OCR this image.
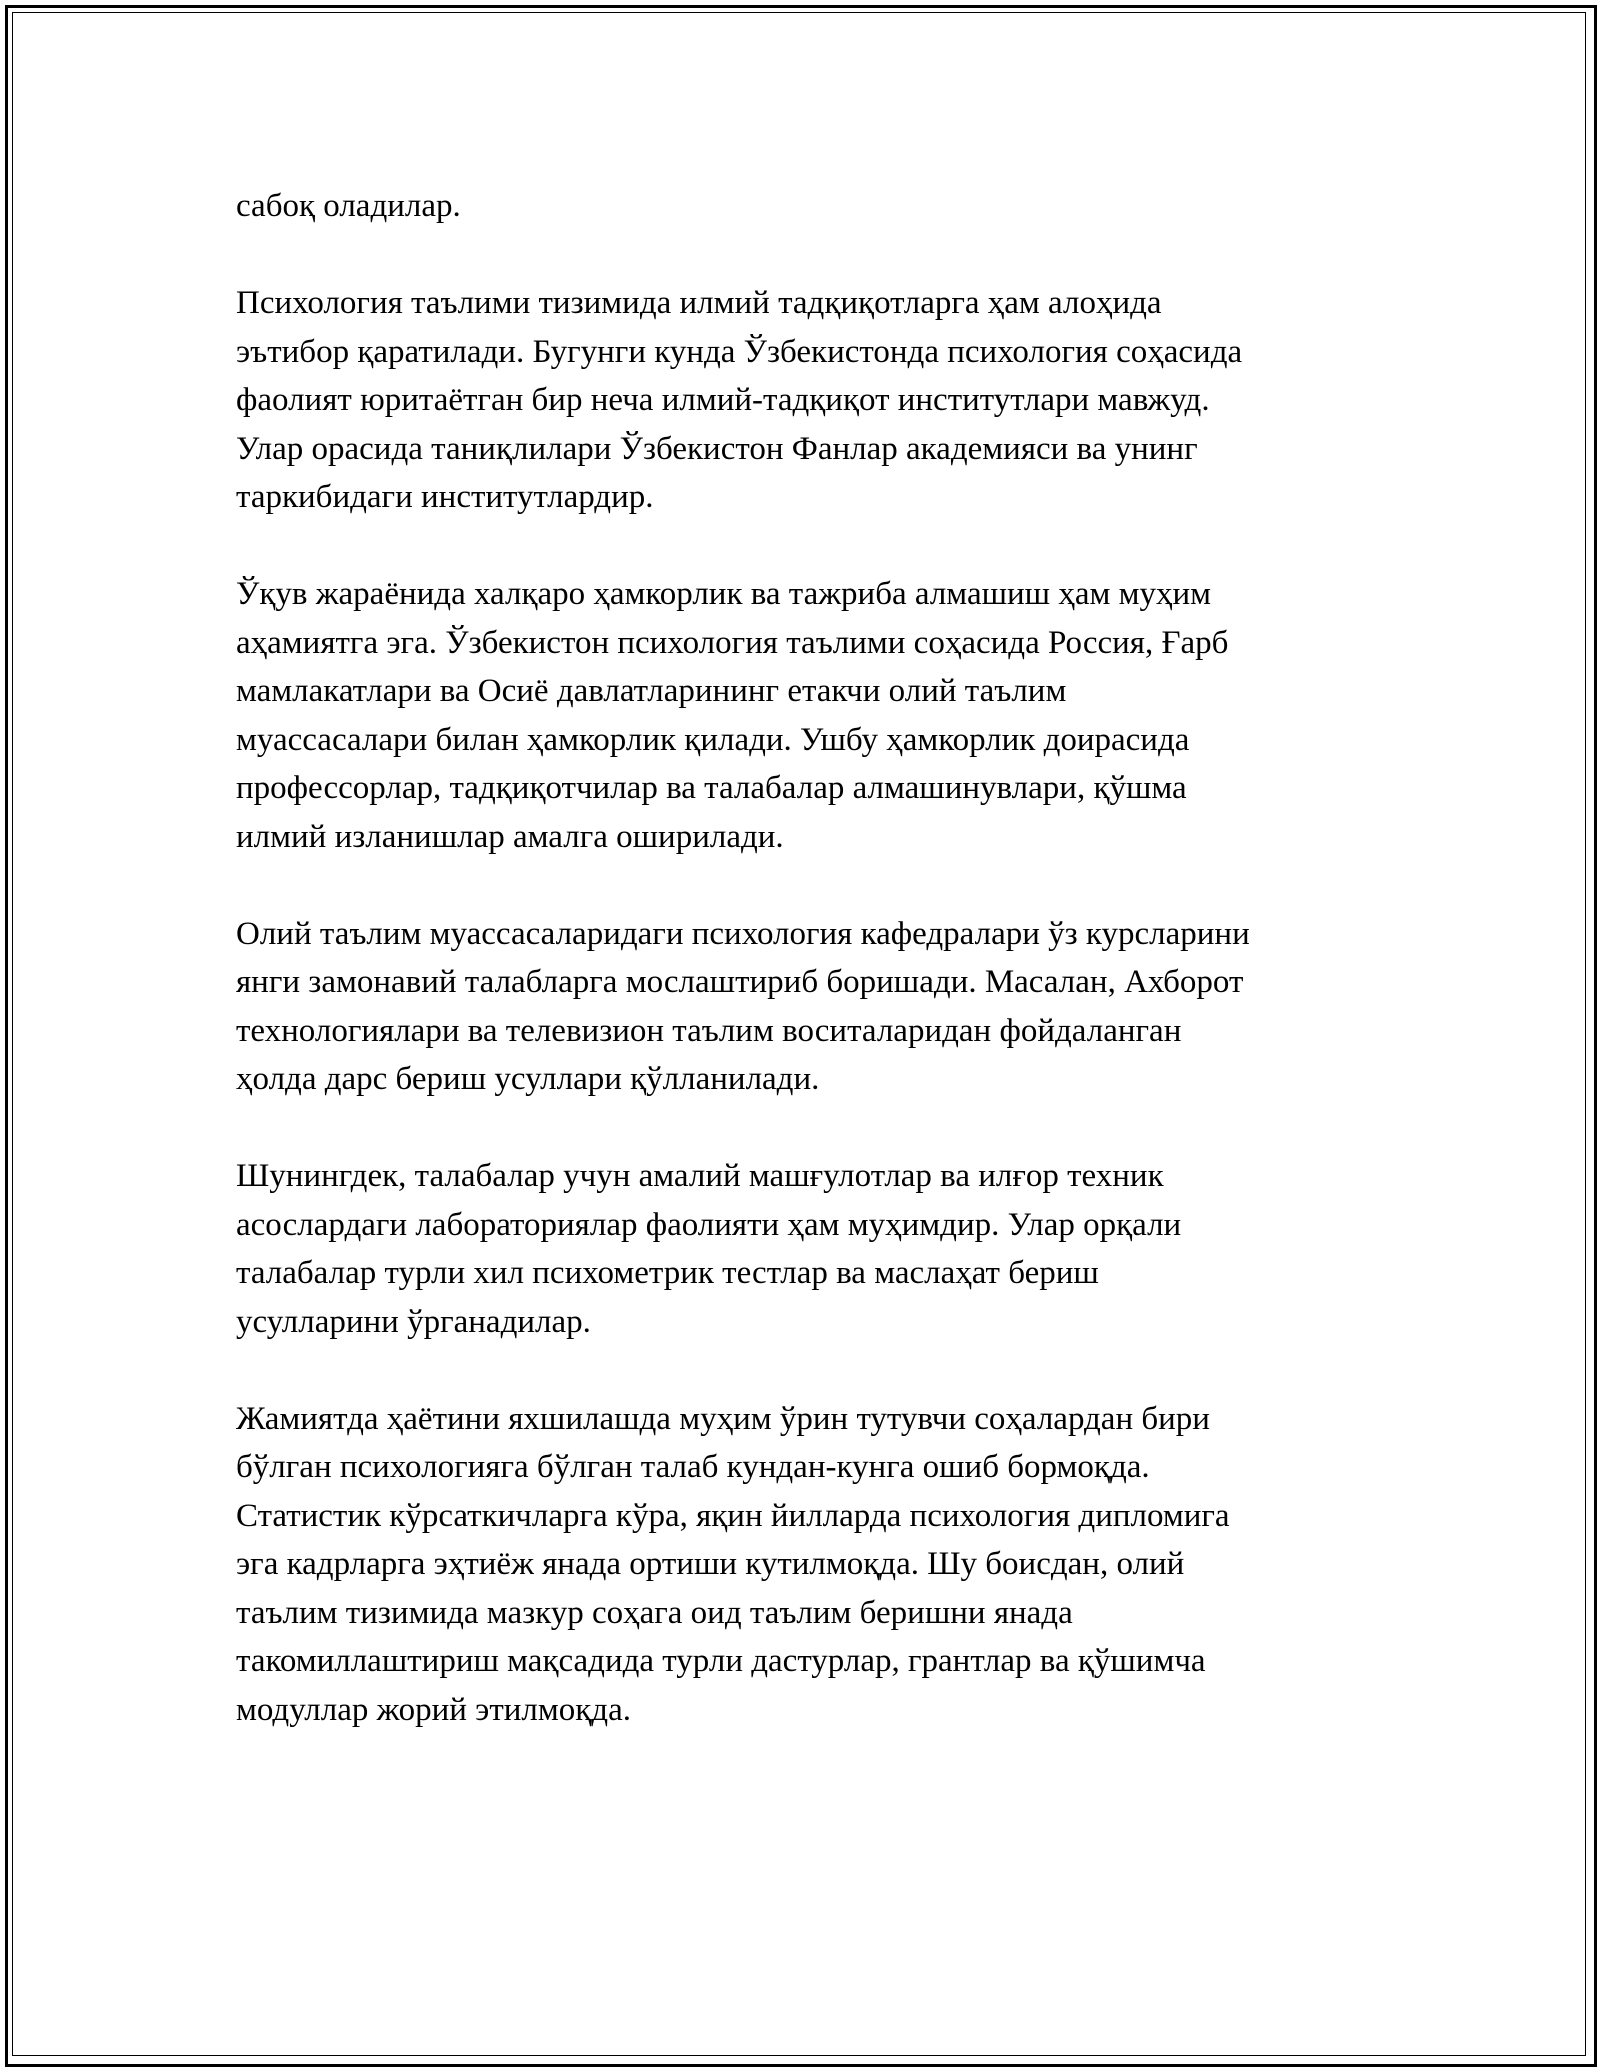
сабоқ оладилар.

Психология таълими тизимида илмий тадқиқотларга ҳам алоҳида
эътибор қаратилади. Бугунги кунда Ўзбекистонда психология соҳасида
фаолият юритаётган бир неча илмий-тадқиқот институтлари мавжуд.
Улар орасида таниқлилари Ўзбекистон Фанлар академияси ва унинг
таркибидаги институтлардир.

Ўқув жараёнида халқаро ҳамкорлик ва тажриба алмашиш ҳам муҳим
аҳамиятга эга. Ўзбекистон психология таълими соҳасида Россия, Ғарб
мамлакатлари ва Осиё давлатларининг етакчи олий таълим
муассасалари билан ҳамкорлик қилади. Ушбу ҳамкорлик доирасида
профессорлар, тадқиқотчилар ва талабалар алмашинувлари, қўшма
илмий изланишлар амалга оширилади.

Олий таълим муассасаларидаги психология кафедралари ўз курсларини
янги замонавий талабларга мослаштириб боришади. Масалан, Ахборот
технологиялари ва телевизион таълим воситаларидан фойдаланган
ҳолда дарс бериш усуллари қўлланилади.

Шунингдек, талабалар учун амалий машғулотлар ва илғор техник
асослардаги лабораториялар фаолияти ҳам муҳимдир. Улар орқали
талабалар турли хил психометрик тестлар ва маслаҳат бериш
усулларини ўрганадилар.

Жамиятда ҳаётини яхшилашда муҳим ўрин тутувчи соҳалардан бири
бўлган психологияга бўлган талаб кундан-кунга ошиб бормоқда.
Статистик кўрсаткичларга кўра, яқин йилларда психология дипломига
эга кадрларга эҳтиёж янада ортиши кутилмоқда. Шу боисдан, олий
таълим тизимида мазкур соҳага оид таълим беришни янада
такомиллаштириш мақсадида турли дастурлар, грантлар ва қўшимча
модуллар жорий этилмоқда.
